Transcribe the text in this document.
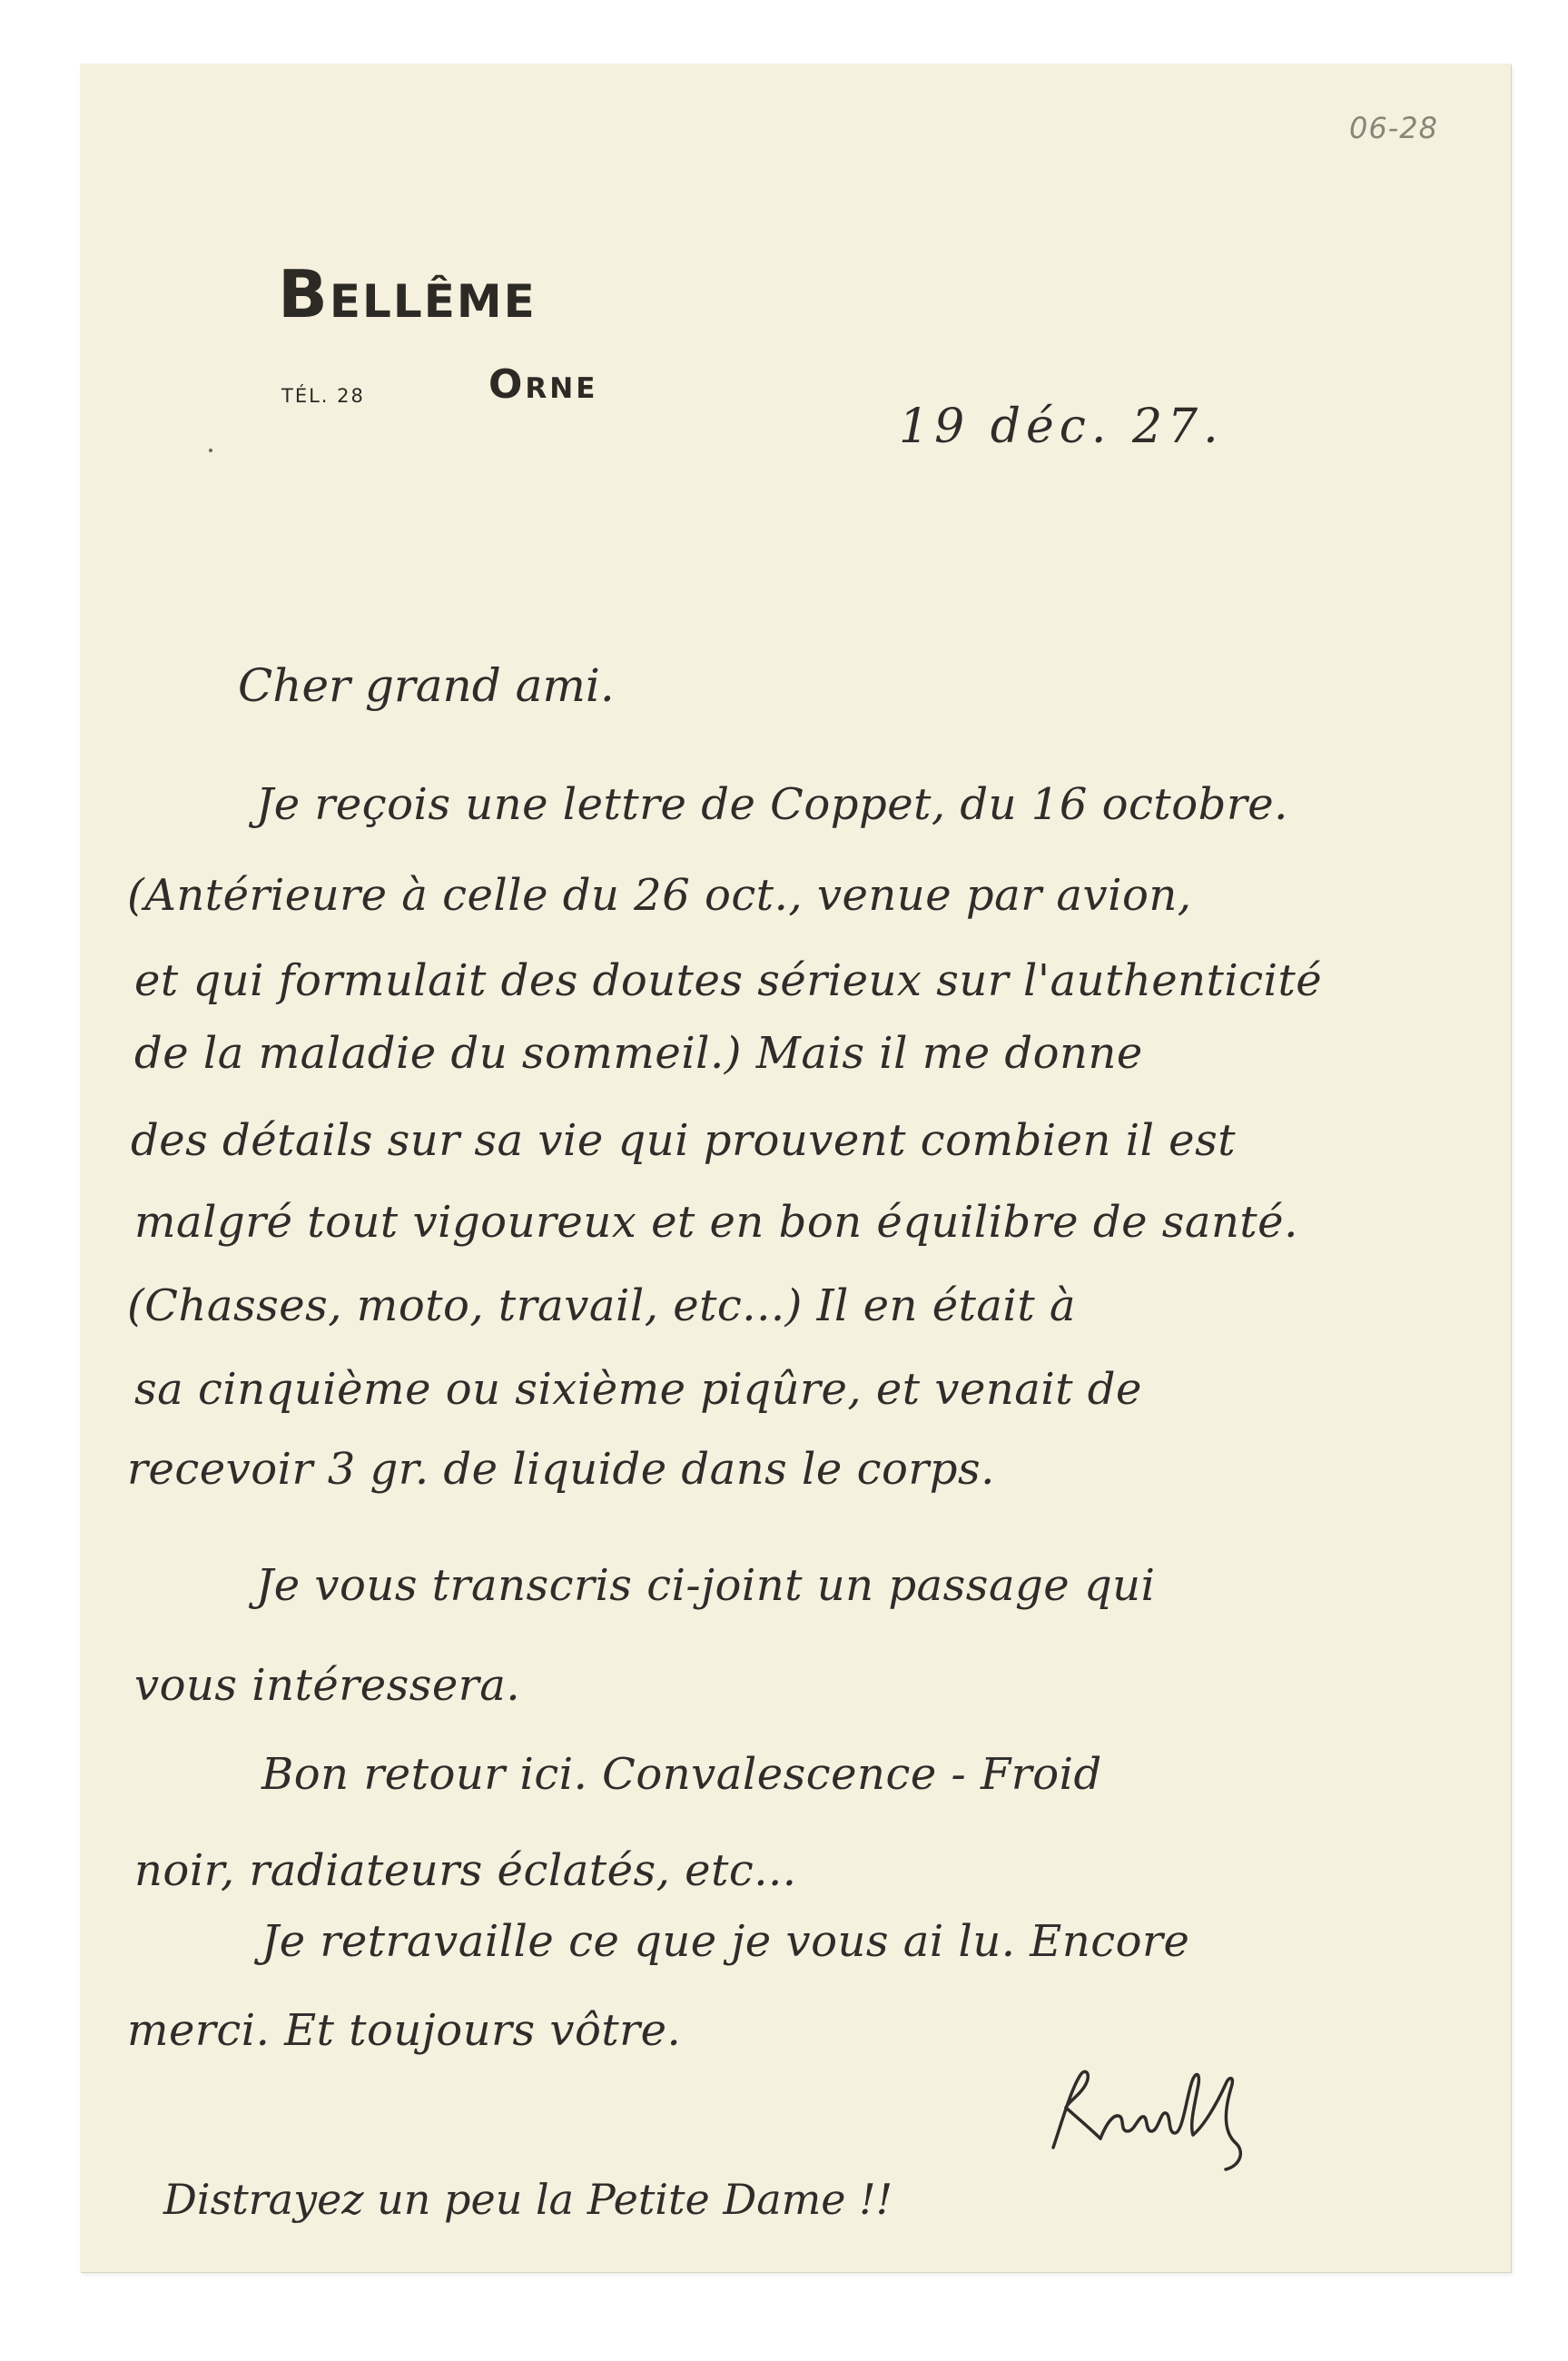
06-28
Bellême
TÉL. 28	Orne
19 déc. 27.
Cher grand ami.
Je reçois une lettre de Coppet, du 16 octobre.
(Antérieure à celle du 26 oct., venue par avion,
et qui formulait des doutes sérieux sur l'authenticité
de la maladie du sommeil.) Mais il me donne
des détails sur sa vie qui prouvent combien il est
malgré tout vigoureux et en bon équilibre de santé.
(Chasses, moto, travail, etc...) Il en était à
sa cinquième ou sixième piqûre, et venait de
recevoir 3 gr. de liquide dans le corps.
Je vous transcris ci-joint un passage qui
vous intéressera.
Bon retour ici. Convalescence - Froid
noir, radiateurs éclatés, etc...
Je retravaille ce que je vous ai lu. Encore
merci. Et toujours vôtre.
Distrayez un peu la Petite Dame !!
